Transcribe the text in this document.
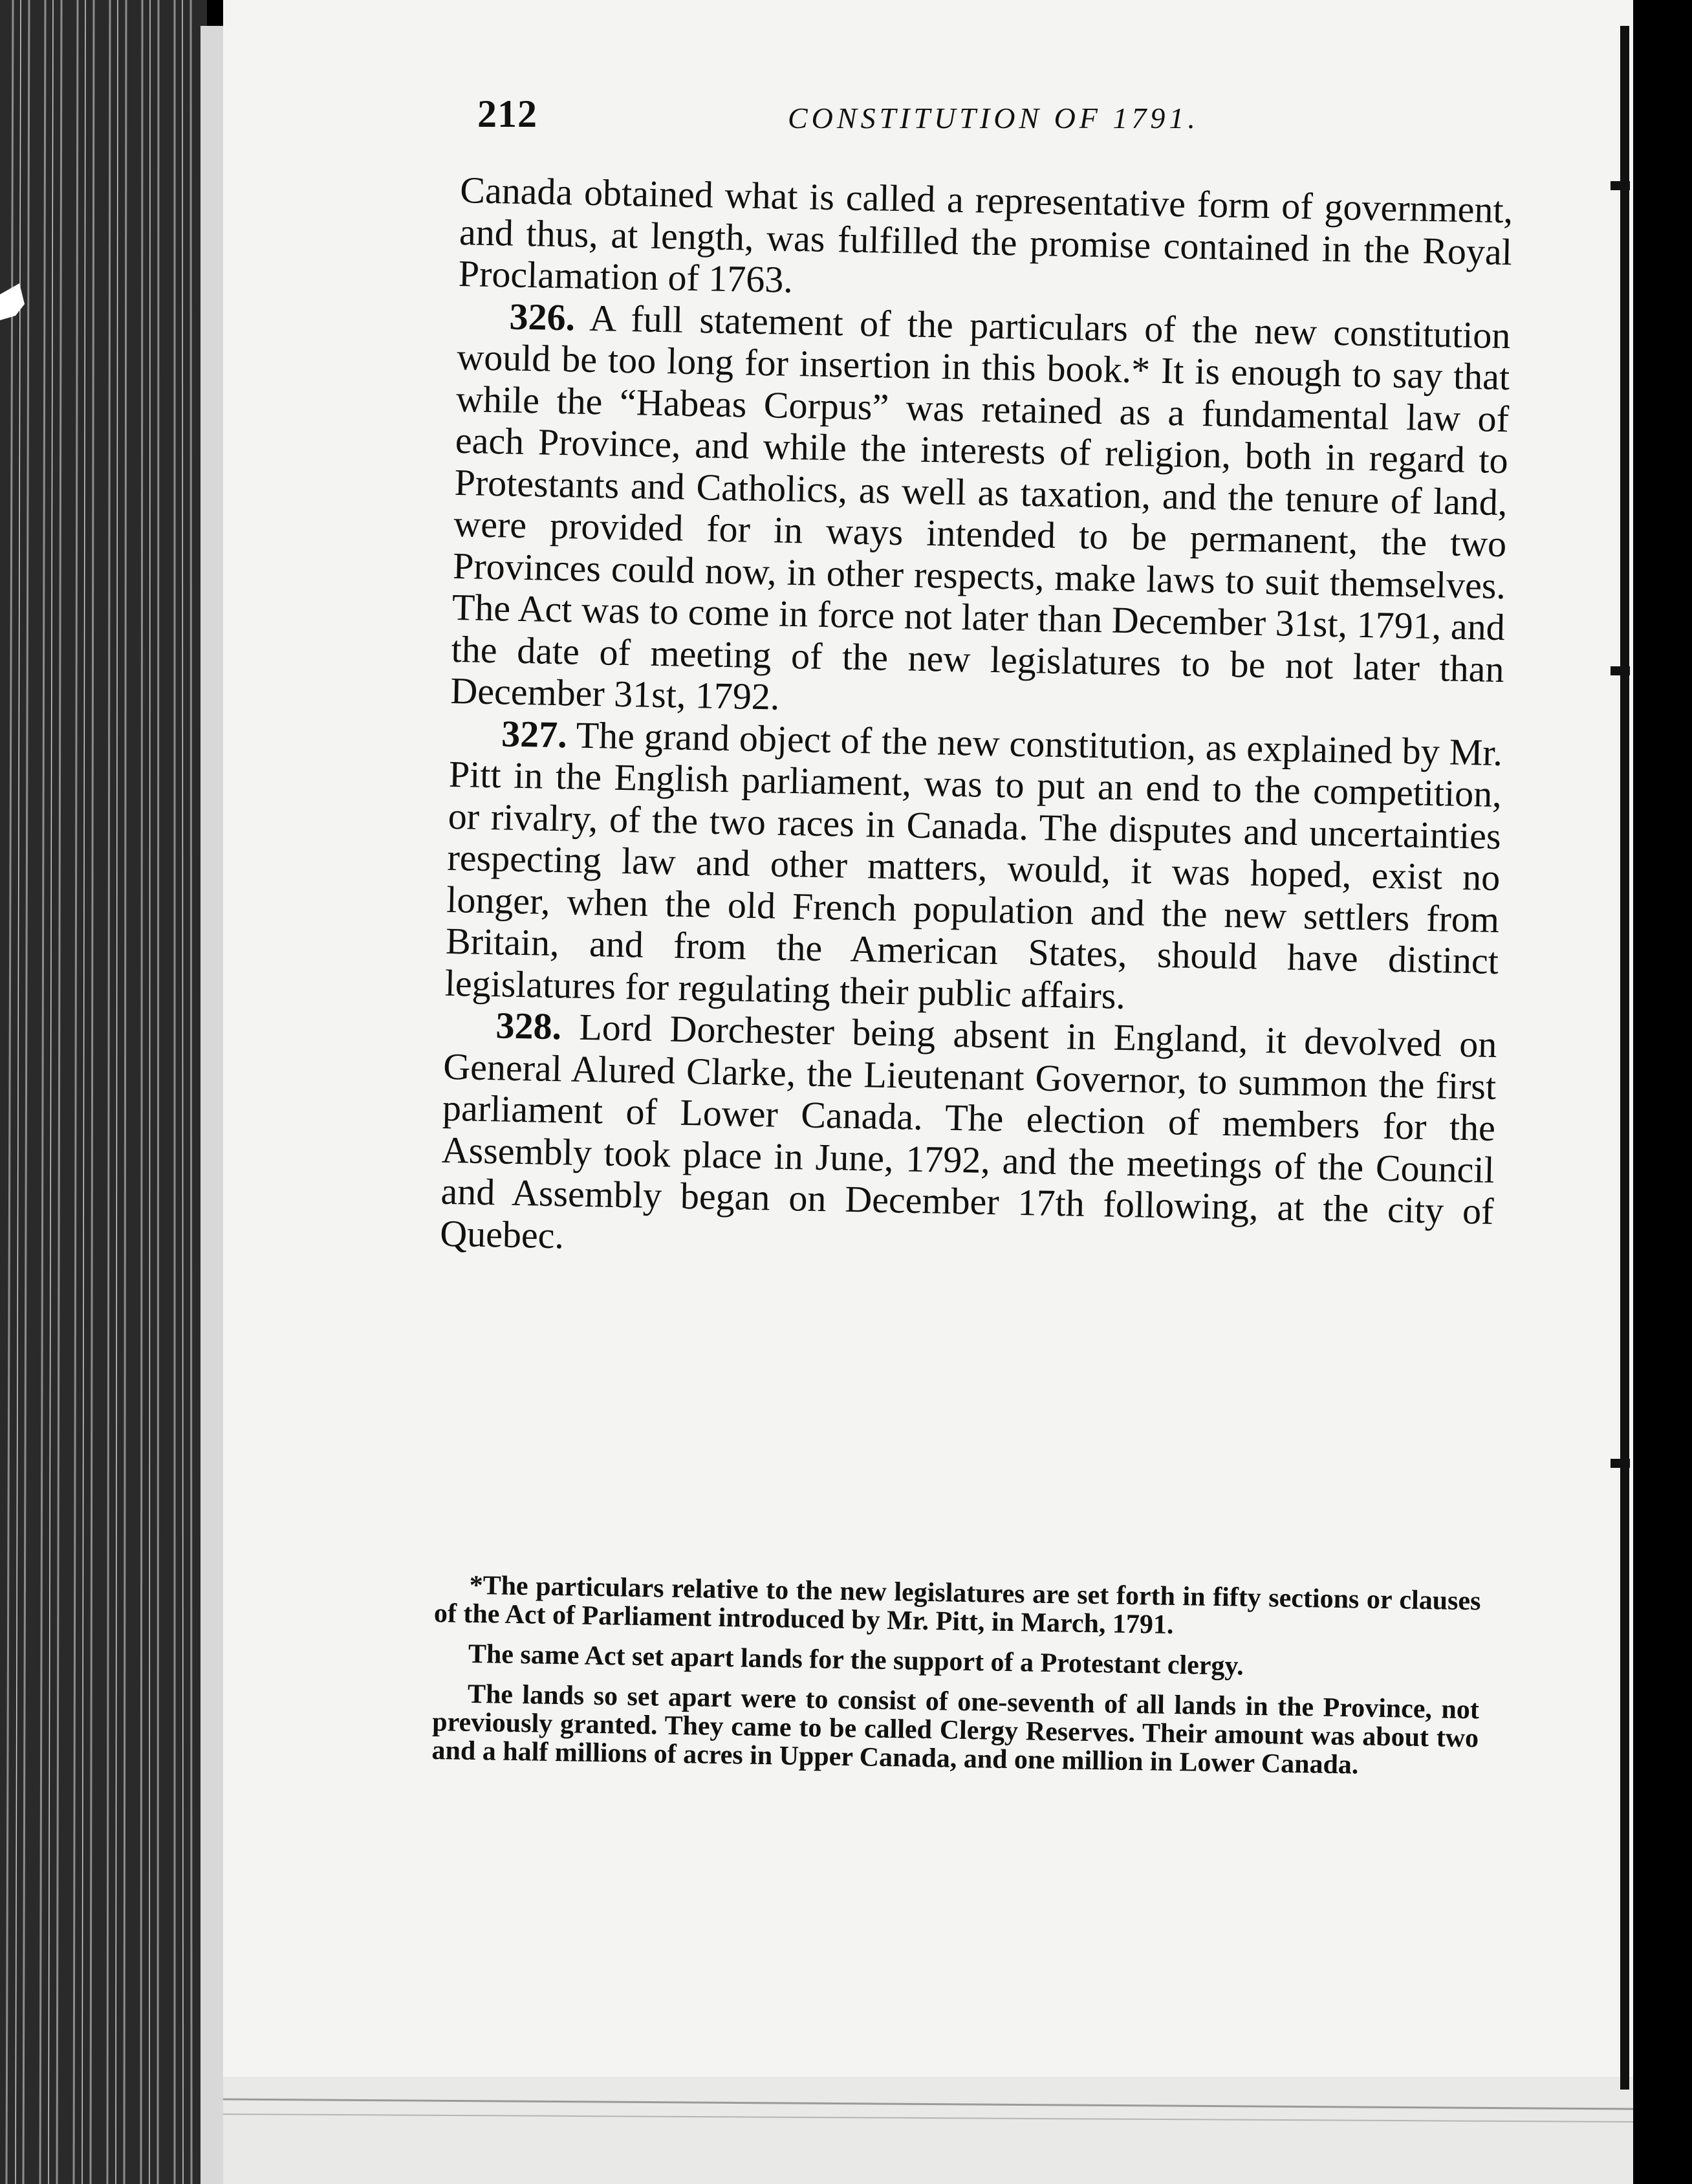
212	CONSTITUTION OF 1791.

Canada obtained what is called a representative form of government, and thus, at length, was fulfilled the promise contained in the Royal Proclamation of 1763.

326. A full statement of the particulars of the new constitution would be too long for insertion in this book.* It is enough to say that while the “Habeas Corpus” was retained as a fundamental law of each Province, and while the interests of religion, both in regard to Protestants and Catholics, as well as taxation, and the tenure of land, were provided for in ways intended to be permanent, the two Provinces could now, in other respects, make laws to suit themselves. The Act was to come in force not later than December 31st, 1791, and the date of meeting of the new legislatures to be not later than December 31st, 1792.

327. The grand object of the new constitution, as explained by Mr. Pitt in the English parliament, was to put an end to the competition, or rivalry, of the two races in Canada. The disputes and uncertainties respecting law and other matters, would, it was hoped, exist no longer, when the old French population and the new settlers from Britain, and from the American States, should have distinct legislatures for regulating their public affairs.

328. Lord Dorchester being absent in England, it devolved on General Alured Clarke, the Lieutenant Governor, to summon the first parliament of Lower Canada. The election of members for the Assembly took place in June, 1792, and the meetings of the Council and Assembly began on December 17th following, at the city of Quebec.

*The particulars relative to the new legislatures are set forth in fifty sections or clauses of the Act of Parliament introduced by Mr. Pitt, in March, 1791.

The same Act set apart lands for the support of a Protestant clergy.

The lands so set apart were to consist of one-seventh of all lands in the Province, not previously granted. They came to be called Clergy Reserves. Their amount was about two and a half millions of acres in Upper Canada, and one million in Lower Canada.
